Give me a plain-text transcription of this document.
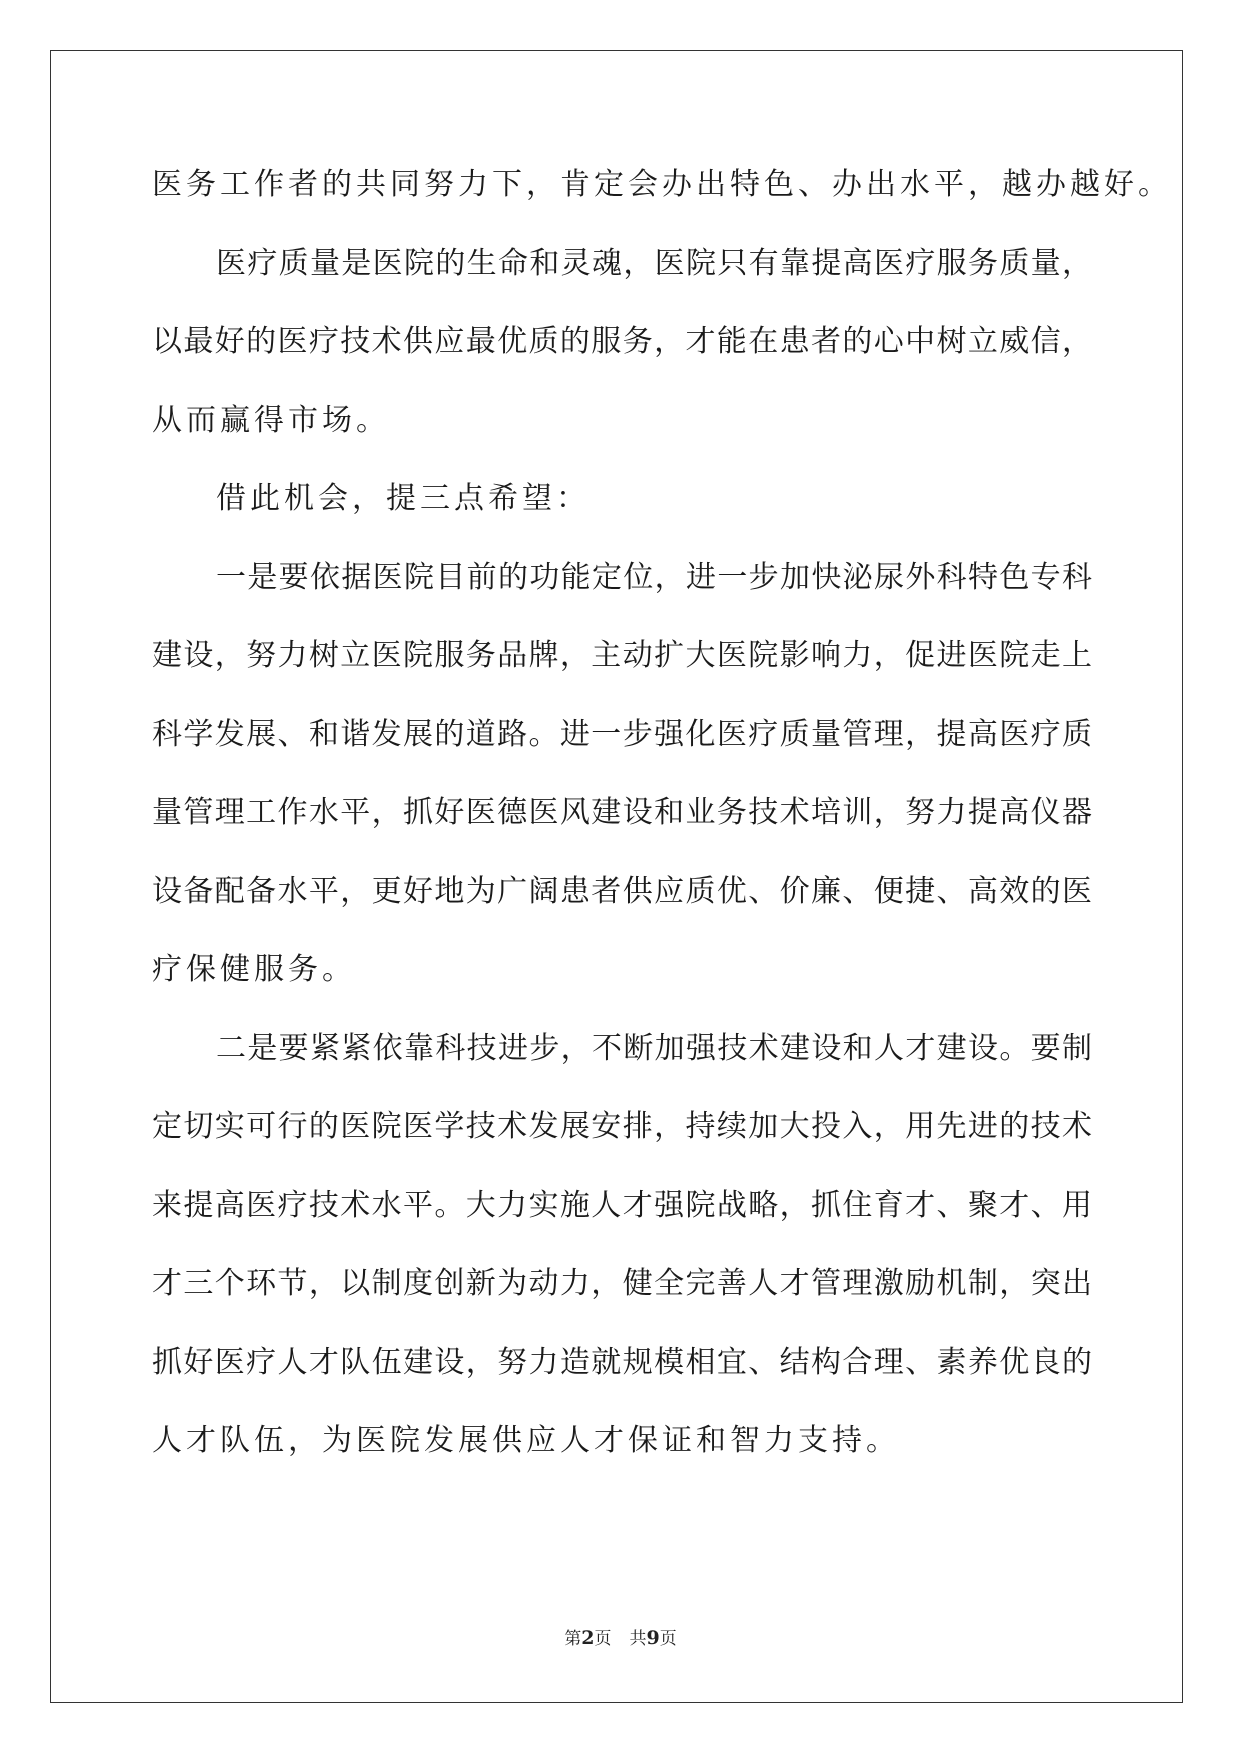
医务工作者的共同努力下，肯定会办出特色、办出水平，越办越好。
医疗质量是医院的生命和灵魂，医院只有靠提高医疗服务质量，
以最好的医疗技术供应最优质的服务，才能在患者的心中树立威信，
从而赢得市场。
借此机会，提三点希望：
一是要依据医院目前的功能定位，进一步加快泌尿外科特色专科
建设，努力树立医院服务品牌，主动扩大医院影响力，促进医院走上
科学发展、和谐发展的道路。进一步强化医疗质量管理，提高医疗质
量管理工作水平，抓好医德医风建设和业务技术培训，努力提高仪器
设备配备水平，更好地为广阔患者供应质优、价廉、便捷、高效的医
疗保健服务。
二是要紧紧依靠科技进步，不断加强技术建设和人才建设。要制
定切实可行的医院医学技术发展安排，持续加大投入，用先进的技术
来提高医疗技术水平。大力实施人才强院战略，抓住育才、聚才、用
才三个环节，以制度创新为动力，健全完善人才管理激励机制，突出
抓好医疗人才队伍建设，努力造就规模相宜、结构合理、素养优良的
人才队伍，为医院发展供应人才保证和智力支持。
第2页 共9页
